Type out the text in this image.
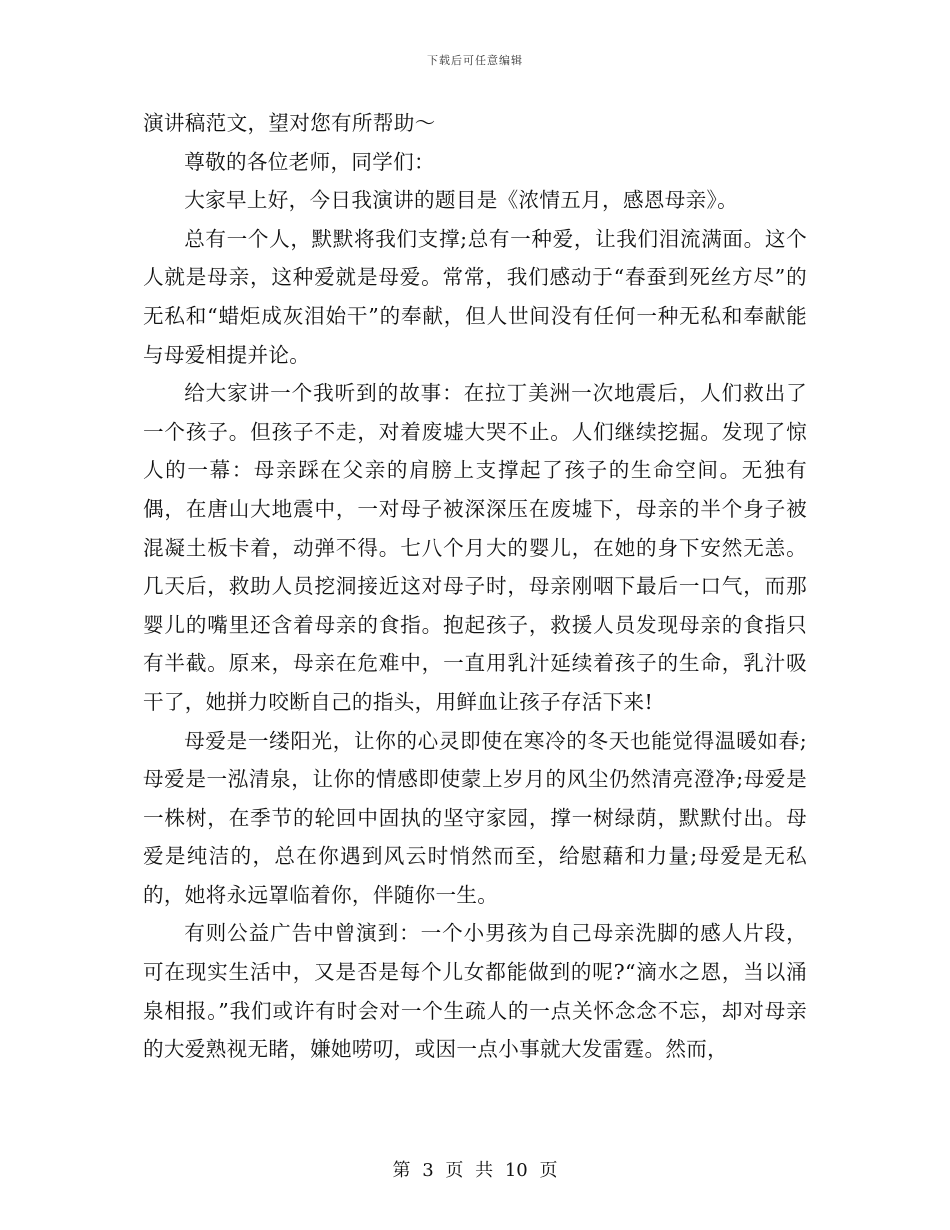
下载后可任意编辑

演讲稿范文，望对您有所帮助～

尊敬的各位老师，同学们：

大家早上好，今日我演讲的题目是《浓情五月，感恩母亲》。

总有一个人，默默将我们支撑;总有一种爱，让我们泪流满面。这个人就是母亲，这种爱就是母爱。常常，我们感动于“春蚕到死丝方尽”的 无私和“蜡炬成灰泪始干”的奉献，但人世间没有任何一种无私和奉献能与母爱相提并论。

给大家讲一个我听到的故事：在拉丁美洲一次地震后，人们救出了一个孩子。但孩子不走，对着废墟大哭不止。人们继续挖掘。发现了惊人的一幕：母亲踩在父亲的肩膀上支撑起了孩子的生命空间。无独有偶，在唐山大地震中，一对母子被深深压在废墟下，母亲的半个身子被混凝土板卡着，动弹不得。七八个月大的婴儿，在她的身下安然无恙。几天后，救助人员挖洞接近这对母子时，母亲刚咽下最后一口气，而那婴儿的嘴里还含着母亲的食指。抱起孩子，救援人员发现母亲的食指只有半截。原来，母亲在危难中，一直用乳汁延续着孩子的生命，乳汁吸干了，她拼力咬断自己的指头，用鲜血让孩子存活下来!

母爱是一缕阳光，让你的心灵即使在寒冷的冬天也能觉得温暖如春;母爱是一泓清泉，让你的情感即使蒙上岁月的风尘仍然清亮澄净;母爱是一株树，在季节的轮回中固执的坚守家园，撑一树绿荫，默默付出。母爱是纯洁的，总在你遇到风云时悄然而至，给慰藉和力量;母爱是无私的，她将永远罩临着你，伴随你一生。

有则公益广告中曾演到：一个小男孩为自己母亲洗脚的感人片段，可在现实生活中，又是否是每个儿女都能做到的呢?“滴水之恩，当以涌泉相报。”我们或许有时会对一个生疏人的一点关怀念念不忘，却对母亲的大爱熟视无睹，嫌她唠叨，或因一点小事就大发雷霆。然而，

第 3 页 共 10 页
